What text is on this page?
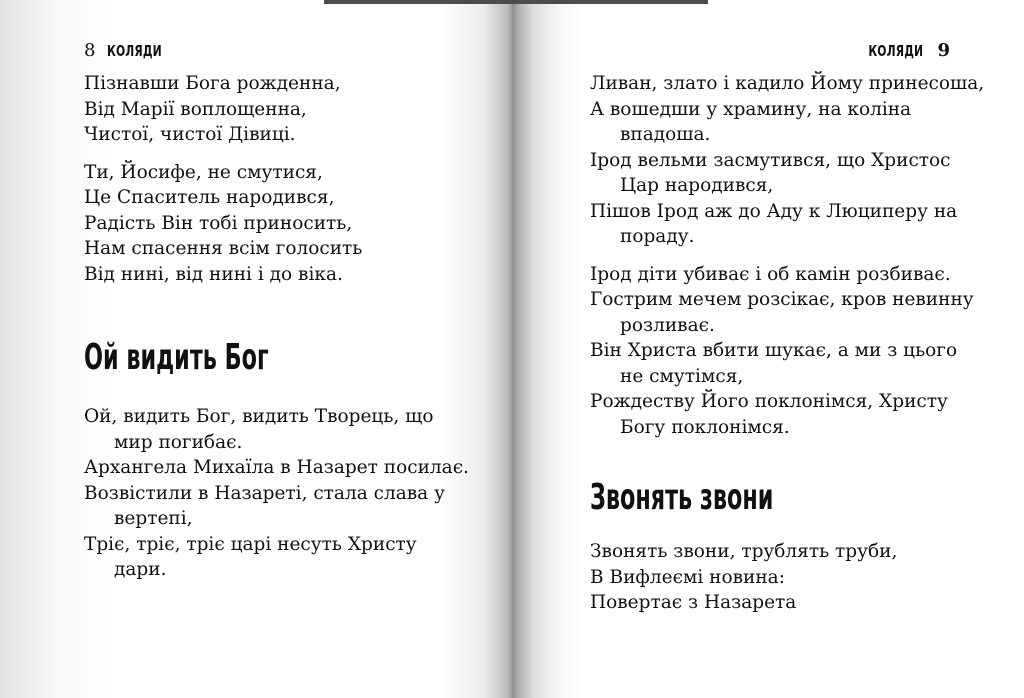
8 КОЛЯДИ	КОЛЯДИ 9
Пізнавши Бога рожденна,
Від Марії воплощенна,
Чистої, чистої Дівиці.
Ти, Йосифе, не смутися,
Це Спаситель народився,
Радість Він тобі приносить,
Нам спасення всім голосить
Від нині, від нині і до віка.
Ой видить Бог
Ой, видить Бог, видить Творець, що
мир погибає.
Архангела Михаїла в Назарет посилає.
Возвістили в Назареті, стала слава у
вертепі,
Тріє, тріє, тріє царі несуть Христу
дари.
Ливан, злато і кадило Йому принесоша,
А вошедши у храмину, на коліна
впадоша.
Ірод вельми засмутився, що Христос
Цар народився,
Пішов Ірод аж до Аду к Люциперу на
пораду.
Ірод діти убиває і об камін розбиває.
Гострим мечем розсікає, кров невинну
розливає.
Він Христа вбити шукає, а ми з цього
не смутімся,
Рождеству Його поклонімся, Христу
Богу поклонімся.
Звонять звони
Звонять звони, трублять труби,
В Вифлеємі новина:
Повертає з Назарета
